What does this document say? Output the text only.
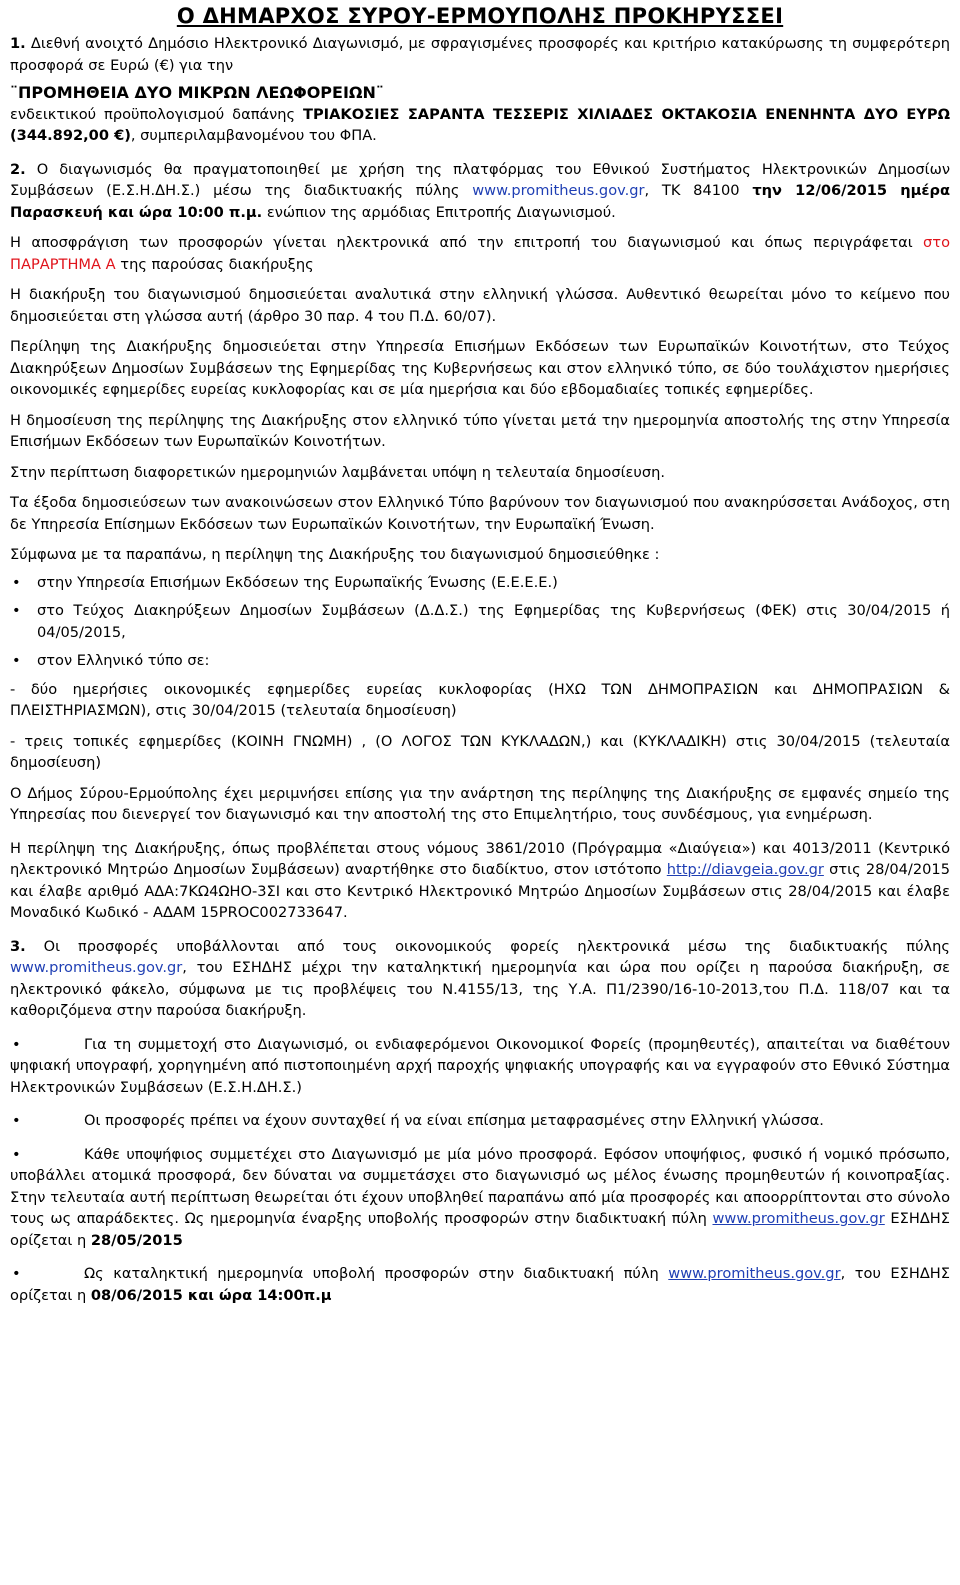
Ο ΔΗΜΑΡΧΟΣ ΣΥΡΟΥ-ΕΡΜΟΥΠΟΛΗΣ ΠΡΟΚΗΡΥΣΣΕΙ

1. Διεθνή ανοιχτό Δημόσιο Ηλεκτρονικό Διαγωνισμό, με σφραγισμένες προσφορές και κριτήριο κατακύρωσης τη συμφερότερη προσφορά σε Ευρώ (€) για την

¨ΠΡΟΜΗΘΕΙΑ ΔΥΟ ΜΙΚΡΩΝ ΛΕΩΦΟΡΕΙΩΝ¨

ενδεικτικού προϋπολογισμού δαπάνης ΤΡΙΑΚΟΣΙΕΣ ΣΑΡΑΝΤΑ ΤΕΣΣΕΡΙΣ ΧΙΛΙΑΔΕΣ ΟΚΤΑΚΟΣΙΑ ΕΝΕΝΗΝΤΑ ΔΥΟ ΕΥΡΩ (344.892,00 €), συμπεριλαμβανομένου του ΦΠΑ.

2. Ο διαγωνισμός θα πραγματοποιηθεί με χρήση της πλατφόρμας του Εθνικού Συστήματος Ηλεκτρονικών Δημοσίων Συμβάσεων (Ε.Σ.Η.ΔΗ.Σ.) μέσω της διαδικτυακής πύλης www.promitheus.gov.gr, ΤΚ 84100 την 12/06/2015 ημέρα Παρασκευή και ώρα 10:00 π.μ. ενώπιον της αρμόδιας Επιτροπής Διαγωνισμού.

Η αποσφράγιση των προσφορών γίνεται ηλεκτρονικά από την επιτροπή του διαγωνισμού και όπως περιγράφεται στο ΠΑΡΑΡΤΗΜΑ Α της παρούσας διακήρυξης

Η διακήρυξη του διαγωνισμού δημοσιεύεται αναλυτικά στην ελληνική γλώσσα. Αυθεντικό θεωρείται μόνο το κείμενο που δημοσιεύεται στη γλώσσα αυτή (άρθρο 30 παρ. 4 του Π.Δ. 60/07).

Περίληψη της Διακήρυξης δημοσιεύεται στην Υπηρεσία Επισήμων Εκδόσεων των Ευρωπαϊκών Κοινοτήτων, στο Τεύχος Διακηρύξεων Δημοσίων Συμβάσεων της Εφημερίδας της Κυβερνήσεως και στον ελληνικό τύπο, σε δύο τουλάχιστον ημερήσιες οικονομικές εφημερίδες ευρείας κυκλοφορίας και σε μία ημερήσια και δύο εβδομαδιαίες τοπικές εφημερίδες.

Η δημοσίευση της περίληψης της Διακήρυξης στον ελληνικό τύπο γίνεται μετά την ημερομηνία αποστολής της στην Υπηρεσία Επισήμων Εκδόσεων των Ευρωπαϊκών Κοινοτήτων.

Στην περίπτωση διαφορετικών ημερομηνιών λαμβάνεται υπόψη η τελευταία δημοσίευση.

Τα έξοδα δημοσιεύσεων των ανακοινώσεων στον Ελληνικό Τύπο βαρύνουν τον διαγωνισμού που ανακηρύσσεται Ανάδοχος, στη δε Υπηρεσία Επίσημων Εκδόσεων των Ευρωπαϊκών Κοινοτήτων, την Ευρωπαϊκή Ένωση.

Σύμφωνα με τα παραπάνω, η περίληψη της Διακήρυξης του διαγωνισμού δημοσιεύθηκε :

• στην Υπηρεσία Επισήμων Εκδόσεων της Ευρωπαϊκής Ένωσης (Ε.Ε.Ε.Ε.)
• στο Τεύχος Διακηρύξεων Δημοσίων Συμβάσεων (Δ.Δ.Σ.) της Εφημερίδας της Κυβερνήσεως (ΦΕΚ) στις 30/04/2015 ή 04/05/2015,
• στον Ελληνικό τύπο σε:

- δύο ημερήσιες οικονομικές εφημερίδες ευρείας κυκλοφορίας (ΗΧΩ ΤΩΝ ΔΗΜΟΠΡΑΣΙΩΝ και ΔΗΜΟΠΡΑΣΙΩΝ & ΠΛΕΙΣΤΗΡΙΑΣΜΩΝ), στις 30/04/2015 (τελευταία δημοσίευση)

- τρεις τοπικές εφημερίδες (ΚΟΙΝΗ ΓΝΩΜΗ) , (Ο ΛΟΓΟΣ ΤΩΝ ΚΥΚΛΑΔΩΝ,) και (ΚΥΚΛΑΔΙΚΗ) στις 30/04/2015 (τελευταία δημοσίευση)

Ο Δήμος Σύρου-Ερμούπολης έχει μεριμνήσει επίσης για την ανάρτηση της περίληψης της Διακήρυξης σε εμφανές σημείο της Υπηρεσίας που διενεργεί τον διαγωνισμό και την αποστολή της στο Επιμελητήριο, τους συνδέσμους, για ενημέρωση.

Η περίληψη της Διακήρυξης, όπως προβλέπεται στους νόμους 3861/2010 (Πρόγραμμα «Διαύγεια») και 4013/2011 (Κεντρικό ηλεκτρονικό Μητρώο Δημοσίων Συμβάσεων) αναρτήθηκε στο διαδίκτυο, στον ιστότοπο http://diavgeia.gov.gr στις 28/04/2015 και έλαβε αριθμό ΑΔΑ:7ΚΩ4ΩΗΟ-3ΣΙ και στο Κεντρικό Ηλεκτρονικό Μητρώο Δημοσίων Συμβάσεων στις 28/04/2015 και έλαβε Μοναδικό Κωδικό - ΑΔΑΜ 15PROC002733647.

3. Οι προσφορές υποβάλλονται από τους οικονομικούς φορείς ηλεκτρονικά μέσω της διαδικτυακής πύλης www.promitheus.gov.gr, του ΕΣΗΔΗΣ μέχρι την καταληκτική ημερομηνία και ώρα που ορίζει η παρούσα διακήρυξη, σε ηλεκτρονικό φάκελο, σύμφωνα με τις προβλέψεις του Ν.4155/13, της Υ.Α. Π1/2390/16-10-2013,του Π.Δ. 118/07 και τα καθοριζόμενα στην παρούσα διακήρυξη.

•	Για τη συμμετοχή στο Διαγωνισμό, οι ενδιαφερόμενοι Οικονομικοί Φορείς (προμηθευτές), απαιτείται να διαθέτουν ψηφιακή υπογραφή, χορηγημένη από πιστοποιημένη αρχή παροχής ψηφιακής υπογραφής και να εγγραφούν στο Εθνικό Σύστημα Ηλεκτρονικών Συμβάσεων (Ε.Σ.Η.ΔΗ.Σ.)

•	Οι προσφορές πρέπει να έχουν συνταχθεί ή να είναι επίσημα μεταφρασμένες στην Ελληνική γλώσσα.

•	Κάθε υποψήφιος συμμετέχει στο Διαγωνισμό με μία μόνο προσφορά. Εφόσον υποψήφιος, φυσικό ή νομικό πρόσωπο, υποβάλλει ατομικά προσφορά, δεν δύναται να συμμετάσχει στο διαγωνισμό ως μέλος ένωσης προμηθευτών ή κοινοπραξίας. Στην τελευταία αυτή περίπτωση θεωρείται ότι έχουν υποβληθεί παραπάνω από μία προσφορές και αποορρίπτονται στο σύνολο τους ως απαράδεκτες. Ως ημερομηνία έναρξης υποβολής προσφορών στην διαδικτυακή πύλη www.promitheus.gov.gr ΕΣΗΔΗΣ ορίζεται η 28/05/2015

•	Ως καταληκτική ημερομηνία υποβολή προσφορών στην διαδικτυακή πύλη www.promitheus.gov.gr, του ΕΣΗΔΗΣ ορίζεται η 08/06/2015 και ώρα 14:00π.μ
